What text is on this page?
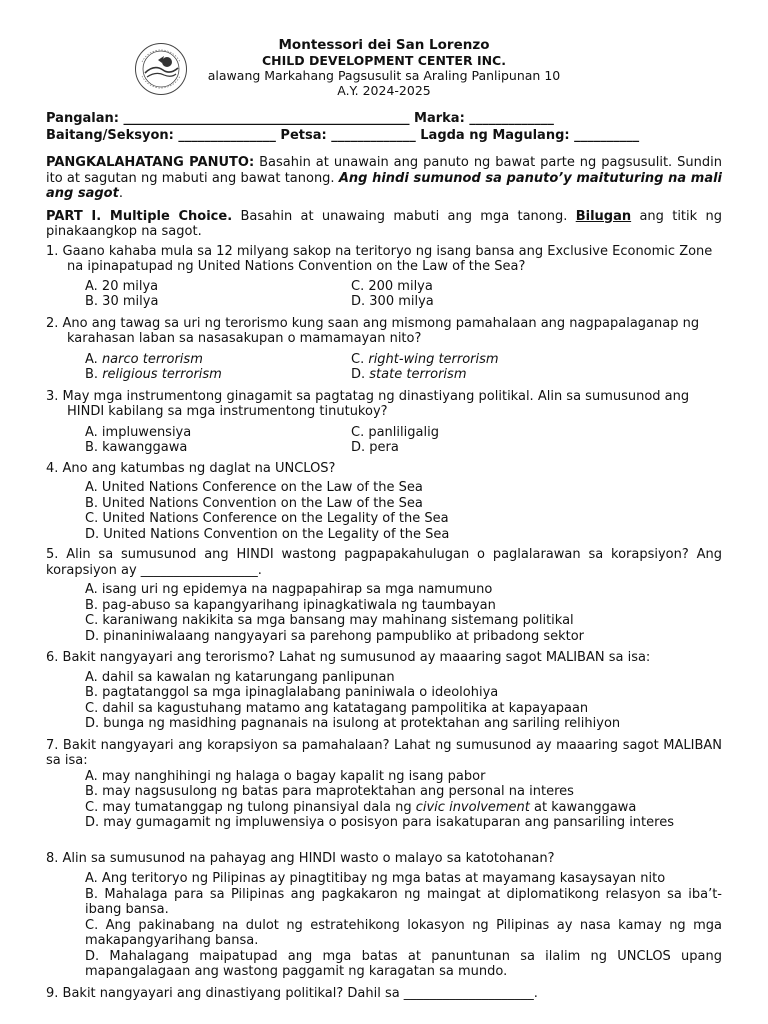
Montessori dei San Lorenzo
CHILD DEVELOPMENT CENTER INC.
alawang Markahang Pagsusulit sa Araling Panlipunan 10
A.Y. 2024-2025
Pangalan: ____________________________________________ Marka: _____________
Baitang/Seksyon: _______________ Petsa: _____________ Lagda ng Magulang: __________

PANGKALAHATANG PANUTO: Basahin at unawain ang panuto ng bawat parte ng pagsusulit. Sundin ito at sagutan ng mabuti ang bawat tanong. Ang hindi sumunod sa panuto’y maituturing na mali ang sagot.

PART I. Multiple Choice. Basahin at unawaing mabuti ang mga tanong. Bilugan ang titik ng pinakaangkop na sagot.

1. Gaano kahaba mula sa 12 milyang sakop na teritoryo ng isang bansa ang Exclusive Economic Zone na ipinapatupad ng United Nations Convention on the Law of the Sea?

A. 20 milya	C. 200 milya
B. 30 milya	D. 300 milya

2. Ano ang tawag sa uri ng terorismo kung saan ang mismong pamahalaan ang nagpapalaganap ng karahasan laban sa nasasakupan o mamamayan nito?

A. narco terrorism	C. right-wing terrorism
B. religious terrorism	D. state terrorism

3. May mga instrumentong ginagamit sa pagtatag ng dinastiyang politikal. Alin sa sumusunod ang HINDI kabilang sa mga instrumentong tinutukoy?

A. impluwensiya	C. panliligalig
B. kawanggawa	D. pera

4. Ano ang katumbas ng daglat na UNCLOS?

A. United Nations Conference on the Law of the Sea
B. United Nations Convention on the Law of the Sea
C. United Nations Conference on the Legality of the Sea
D. United Nations Convention on the Legality of the Sea

5. Alin sa sumusunod ang HINDI wastong pagpapakahulugan o paglalarawan sa korapsiyon? Ang korapsiyon ay __________________.

A. isang uri ng epidemya na nagpapahirap sa mga namumuno
B. pag-abuso sa kapangyarihang ipinagkatiwala ng taumbayan
C. karaniwang nakikita sa mga bansang may mahinang sistemang politikal
D. pinaniniwalaang nangyayari sa parehong pampubliko at pribadong sektor

6. Bakit nangyayari ang terorismo? Lahat ng sumusunod ay maaaring sagot MALIBAN sa isa:

A. dahil sa kawalan ng katarungang panlipunan
B. pagtatanggol sa mga ipinaglalabang paniniwala o ideolohiya
C. dahil sa kagustuhang matamo ang katatagang pampolitika at kapayapaan
D. bunga ng masidhing pagnanais na isulong at protektahan ang sariling relihiyon

7. Bakit nangyayari ang korapsiyon sa pamahalaan? Lahat ng sumusunod ay maaaring sagot MALIBAN sa isa:

A. may nanghihingi ng halaga o bagay kapalit ng isang pabor
B. may nagsusulong ng batas para maprotektahan ang personal na interes
C. may tumatanggap ng tulong pinansiyal dala ng civic involvement at kawanggawa
D. may gumagamit ng impluwensiya o posisyon para isakatuparan ang pansariling interes

8. Alin sa sumusunod na pahayag ang HINDI wasto o malayo sa katotohanan?

A. Ang teritoryo ng Pilipinas ay pinagtitibay ng mga batas at mayamang kasaysayan nito
B. Mahalaga para sa Pilipinas ang pagkakaron ng maingat at diplomatikong relasyon sa iba’t-ibang bansa.
C. Ang pakinabang na dulot ng estratehikong lokasyon ng Pilipinas ay nasa kamay ng mga makapangyarihang bansa.
D. Mahalagang maipatupad ang mga batas at panuntunan sa ilalim ng UNCLOS upang mapangalagaan ang wastong paggamit ng karagatan sa mundo.

9. Bakit nangyayari ang dinastiyang politikal? Dahil sa ____________________.
